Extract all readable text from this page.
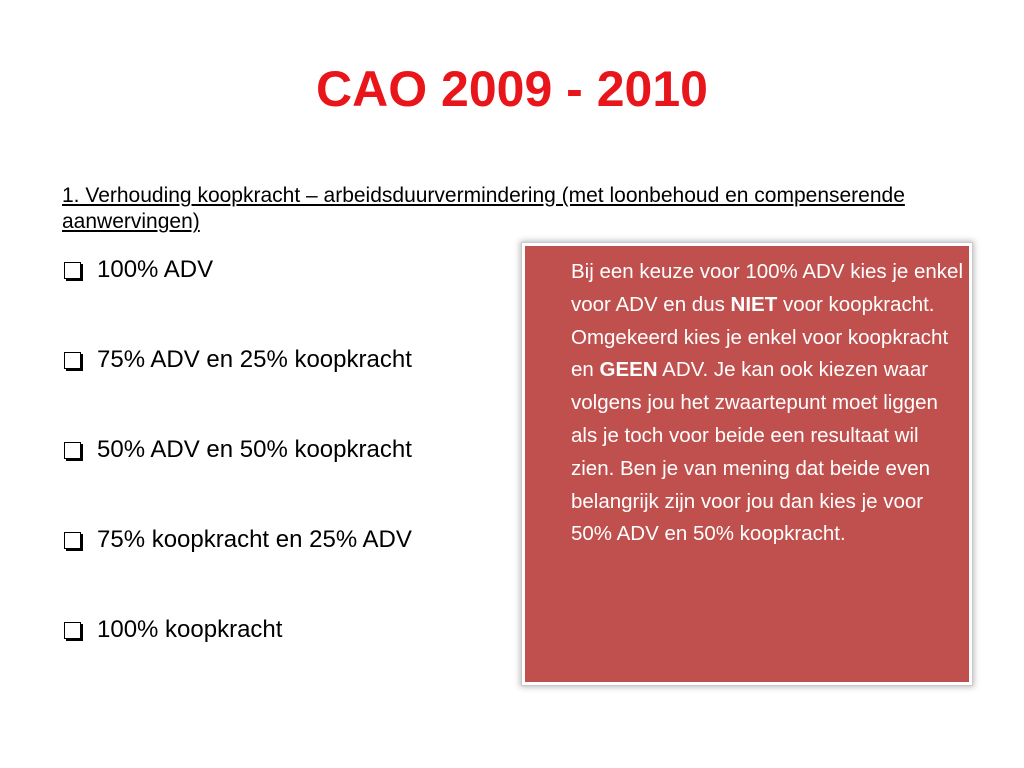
CAO 2009 - 2010
1. Verhouding koopkracht – arbeidsduurvermindering (met loonbehoud en compenserende aanwervingen)
100% ADV
75% ADV en 25% koopkracht
50% ADV en 50% koopkracht
75% koopkracht en 25% ADV
100% koopkracht
Bij een keuze voor 100% ADV kies je enkel voor ADV en dus NIET voor koopkracht. Omgekeerd kies je enkel voor koopkracht en GEEN ADV. Je kan ook kiezen waar volgens jou het zwaartepunt moet liggen als je toch voor beide een resultaat wil zien. Ben je van mening dat beide even belangrijk zijn voor jou dan kies je voor 50% ADV en 50% koopkracht.
